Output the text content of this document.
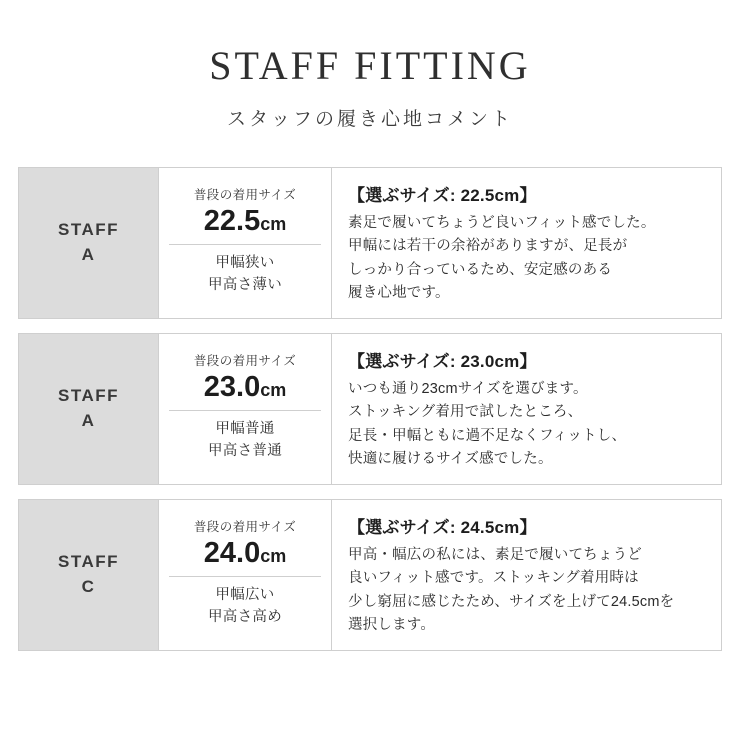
STAFF FITTING
スタッフの履き心地コメント
STAFF
A
普段の着用サイズ
22.5cm
甲幅狭い
甲高さ薄い
【選ぶサイズ: 22.5cm】
素足で履いてちょうど良いフィット感でした。
甲幅には若干の余裕がありますが、足長が
しっかり合っているため、安定感のある
履き心地です。
STAFF
A
普段の着用サイズ
23.0cm
甲幅普通
甲高さ普通
【選ぶサイズ: 23.0cm】
いつも通り23cmサイズを選びます。
ストッキング着用で試したところ、
足長・甲幅ともに過不足なくフィットし、
快適に履けるサイズ感でした。
STAFF
C
普段の着用サイズ
24.0cm
甲幅広い
甲高さ高め
【選ぶサイズ: 24.5cm】
甲高・幅広の私には、素足で履いてちょうど
良いフィット感です。ストッキング着用時は
少し窮屈に感じたため、サイズを上げて24.5cmを
選択します。
